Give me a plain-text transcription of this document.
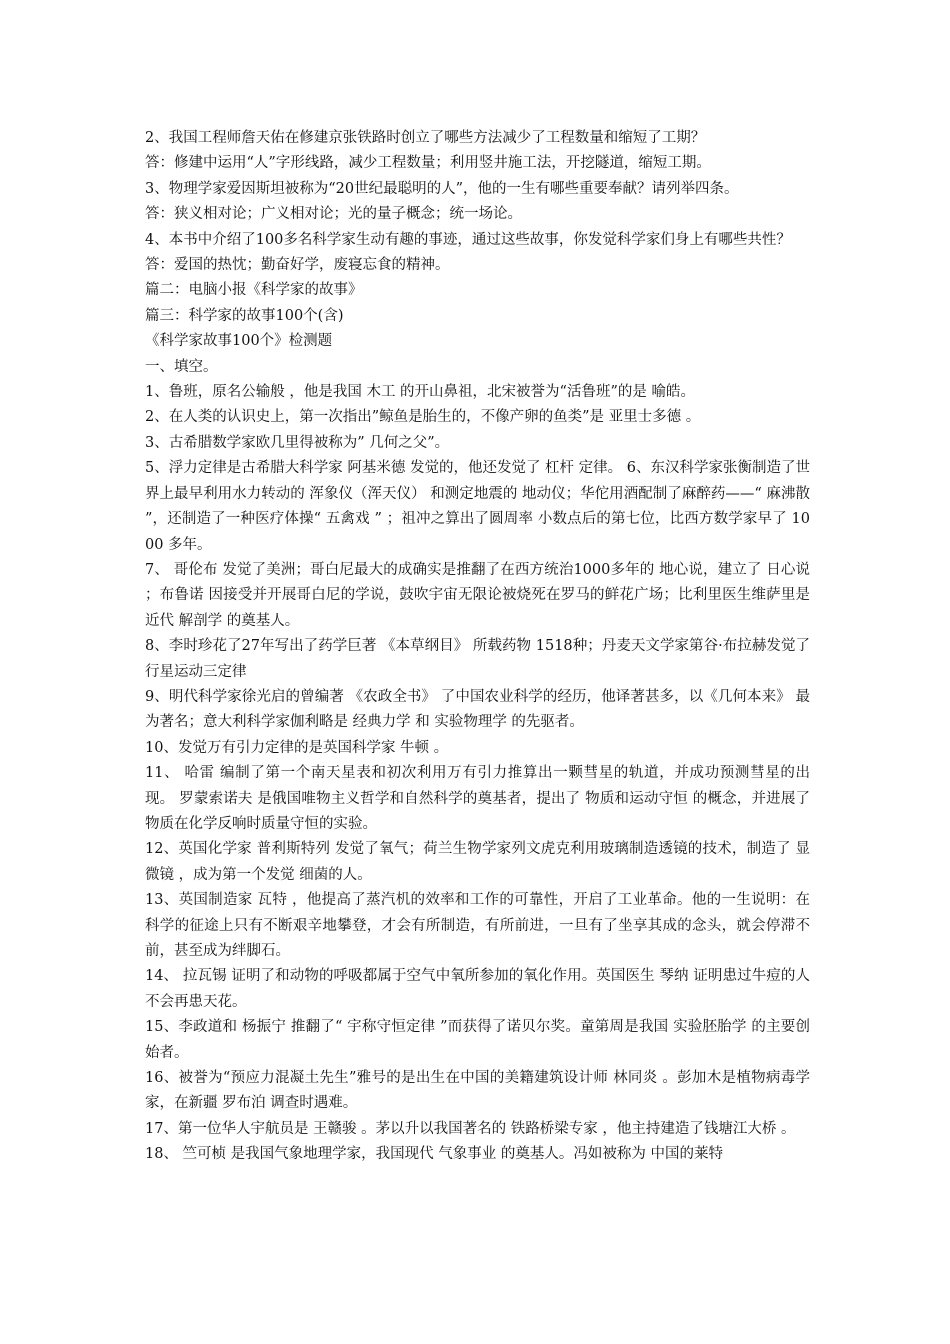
2、我国工程师詹天佑在修建京张铁路时创立了哪些方法减少了工程数量和缩短了工期？

答：修建中运用“人”字形线路，减少工程数量；利用竖井施工法，开挖隧道，缩短工期。

3、物理学家爱因斯坦被称为“20世纪最聪明的人”，他的一生有哪些重要奉献？请列举四条。

答：狭义相对论；广义相对论；光的量子概念；统一场论。

4、本书中介绍了100多名科学家生动有趣的事迹，通过这些故事，你发觉科学家们身上有哪些共性？

答：爱国的热忱；勤奋好学，废寝忘食的精神。

篇二：电脑小报《科学家的故事》

篇三：科学家的故事100个(含)

《科学家故事100个》检测题

一、填空。

1、鲁班，原名公输般 ，他是我国 木工 的开山鼻祖，北宋被誉为“活鲁班”的是 喻皓。

2、在人类的认识史上，第一次指出”鲸鱼是胎生的，不像产卵的鱼类”是 亚里士多德 。

3、古希腊数学家欧几里得被称为” 几何之父”。

5、浮力定律是古希腊大科学家 阿基米德 发觉的，他还发觉了 杠杆 定律。 6、东汉科学家张衡制造了世界上最早利用水力转动的 浑象仪（浑天仪） 和测定地震的 地动仪；华佗用酒配制了麻醉药——“ 麻沸散 ”，还制造了一种医疗体操“ 五禽戏 ” ；祖冲之算出了圆周率 小数点后的第七位，比西方数学家早了 1000 多年。

7、 哥伦布 发觉了美洲；哥白尼最大的成确实是推翻了在西方统治1000多年的 地心说，建立了 日心说 ；布鲁诺 因接受并开展哥白尼的学说，鼓吹宇宙无限论被烧死在罗马的鲜花广场；比利里医生维萨里是近代 解剖学 的奠基人。

8、李时珍花了27年写出了药学巨著 《本草纲目》 所载药物 1518种；丹麦天文学家第谷·布拉赫发觉了 行星运动三定律

9、明代科学家徐光启的曾编著 《农政全书》 了中国农业科学的经历，他译著甚多，以《几何本来》 最为著名；意大利科学家伽利略是 经典力学 和 实验物理学 的先驱者。

10、发觉万有引力定律的是英国科学家 牛顿 。

11、 哈雷 编制了第一个南天星表和初次利用万有引力推算出一颗彗星的轨道，并成功预测彗星的出现。 罗蒙索诺夫 是俄国唯物主义哲学和自然科学的奠基者，提出了 物质和运动守恒 的概念，并进展了物质在化学反响时质量守恒的实验。

12、英国化学家 普利斯特列 发觉了氧气；荷兰生物学家列文虎克利用玻璃制造透镜的技术，制造了 显微镜 ，成为第一个发觉 细菌的人。

13、英国制造家 瓦特 ，他提高了蒸汽机的效率和工作的可靠性，开启了工业革命。他的一生说明：在科学的征途上只有不断艰辛地攀登，才会有所制造，有所前进，一旦有了坐享其成的念头，就会停滞不前，甚至成为绊脚石。

14、 拉瓦锡 证明了和动物的呼吸都属于空气中氧所参加的氧化作用。英国医生 琴纳 证明患过牛痘的人不会再患天花。

15、李政道和 杨振宁 推翻了“ 宇称守恒定律 ”而获得了诺贝尔奖。童第周是我国 实验胚胎学 的主要创始者。

16、被誉为“预应力混凝土先生”雅号的是出生在中国的美籍建筑设计师 林同炎 。彭加木是植物病毒学家，在新疆 罗布泊 调查时遇难。

17、第一位华人宇航员是 王赣骏 。茅以升以我国著名的 铁路桥梁专家 ，他主持建造了钱塘江大桥 。

18、 竺可桢 是我国气象地理学家，我国现代 气象事业 的奠基人。冯如被称为 中国的莱特
